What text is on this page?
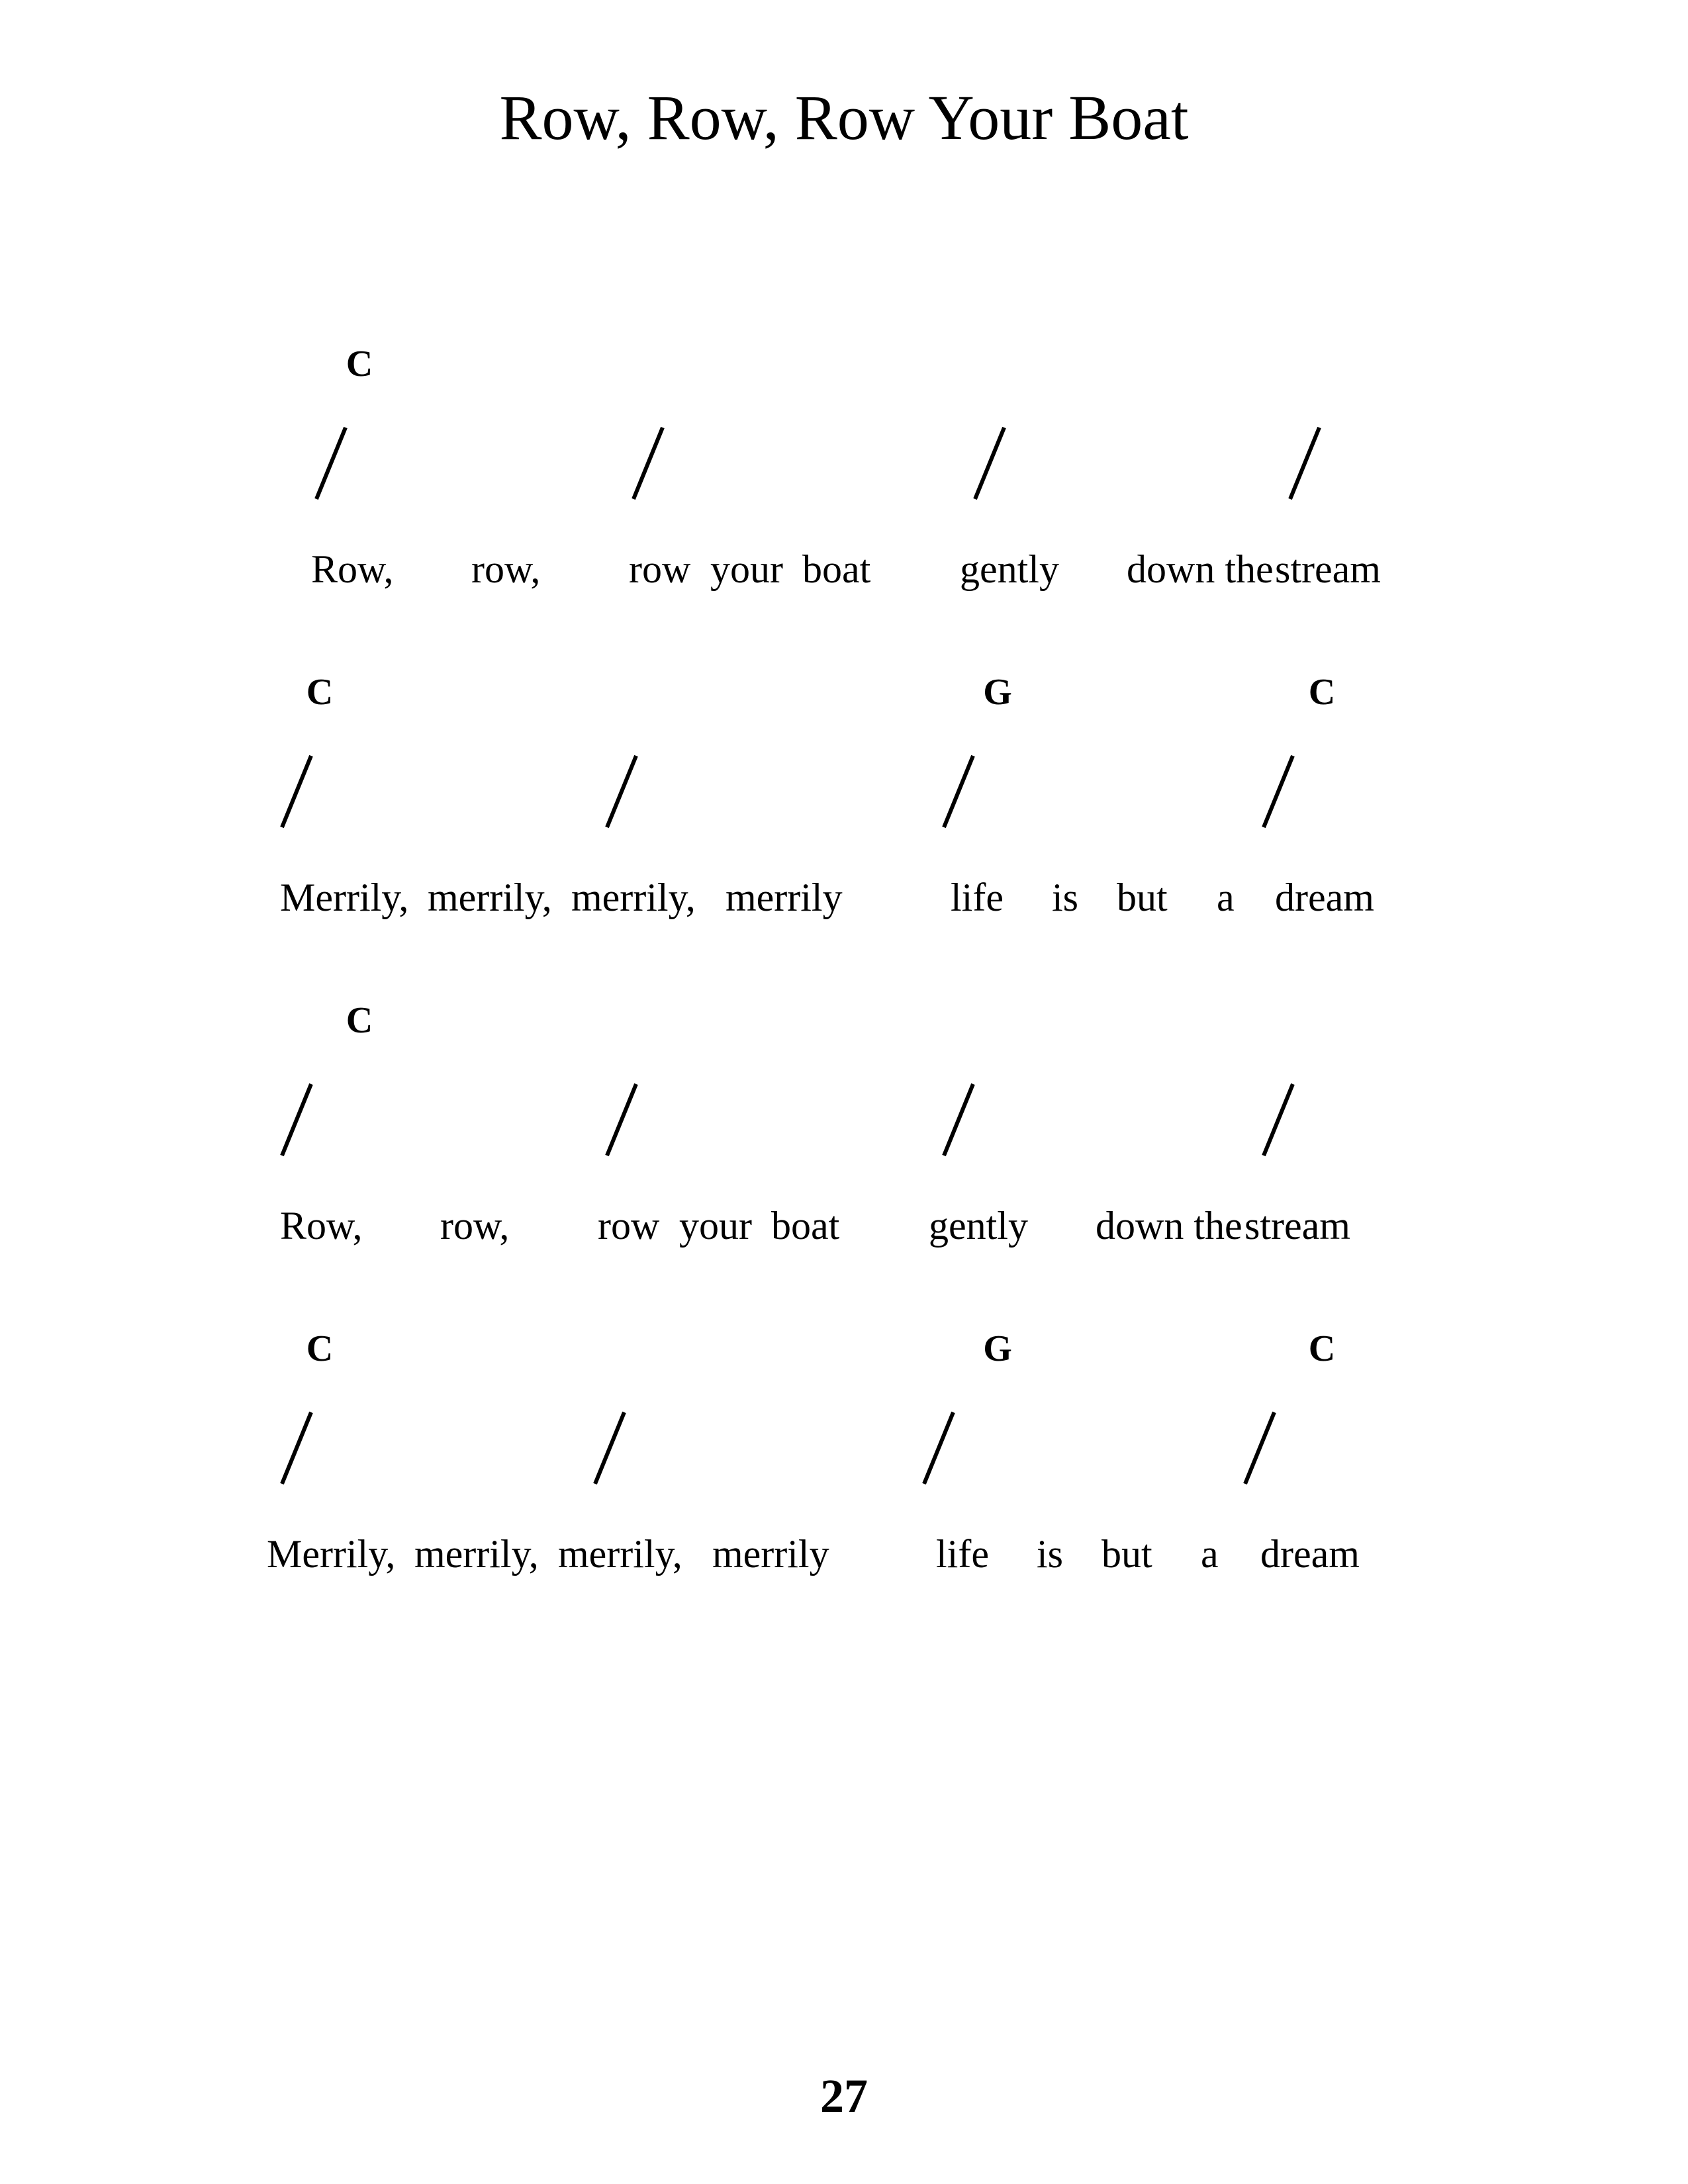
Row, Row, Row Your Boat
27
C
Row, row, row your boat gently down the stream
C	G	C
Merrily, merrily, merrily, merrily	life is but a dream
C
Row, row, row your boat gently down the stream
C	G	C
Merrily, merrily, merrily, merrily	life is but a dream
